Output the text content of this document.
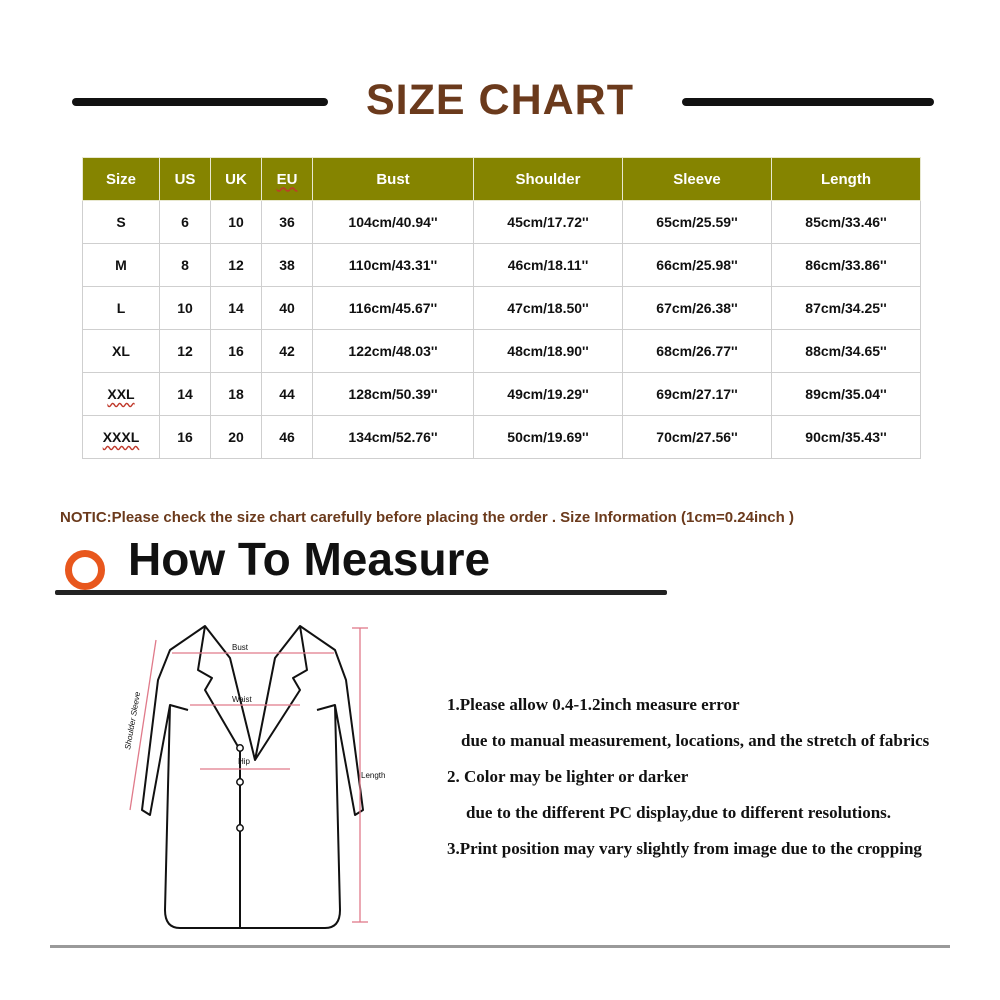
SIZE CHART
Size	US	UK	EU	Bust	Shoulder	Sleeve	Length
S	6	10	36	104cm/40.94''	45cm/17.72''	65cm/25.59''	85cm/33.46''
M	8	12	38	110cm/43.31''	46cm/18.11''	66cm/25.98''	86cm/33.86''
L	10	14	40	116cm/45.67''	47cm/18.50''	67cm/26.38''	87cm/34.25''
XL	12	16	42	122cm/48.03''	48cm/18.90''	68cm/26.77''	88cm/34.65''
XXL	14	18	44	128cm/50.39''	49cm/19.29''	69cm/27.17''	89cm/35.04''
XXXL	16	20	46	134cm/52.76''	50cm/19.69''	70cm/27.56''	90cm/35.43''
NOTIC:Please check the size chart carefully before placing the order . Size Information (1cm=0.24inch )
How To Measure
Bust
Waist
Hip
Shoulder Sleeve
Length
1.Please allow 0.4-1.2inch measure error
due to manual measurement, locations, and the stretch of fabrics
2. Color may be lighter or darker
due to the different PC display,due to different resolutions.
3.Print position may vary slightly from image due to the cropping
